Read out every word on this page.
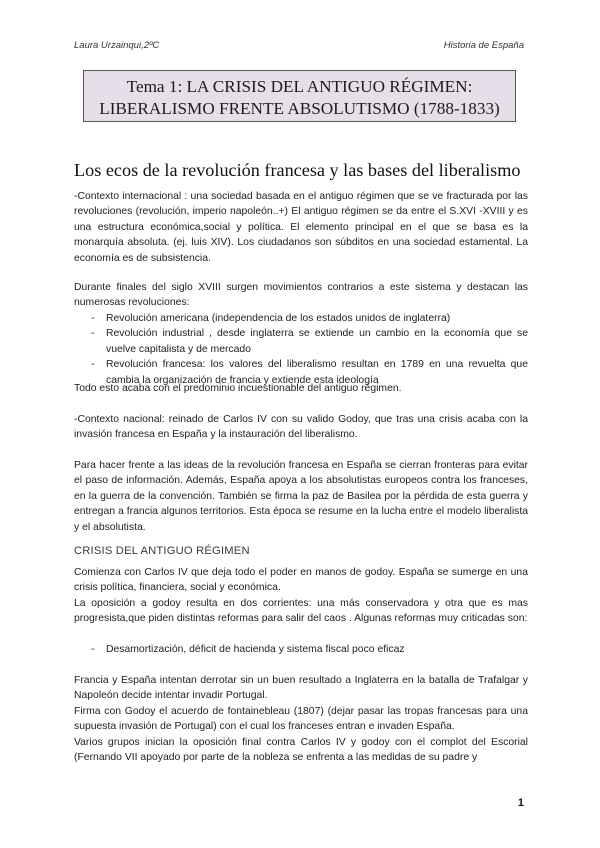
Laura Urzainqui,2ºC	Historia de España
Tema 1: LA CRISIS DEL ANTIGUO RÉGIMEN:
LIBERALISMO FRENTE ABSOLUTISMO (1788-1833)
Los ecos de la revolución francesa y las bases del liberalismo

-Contexto internacional : una sociedad basada en el antiguo régimen que se ve fracturada por las revoluciones (revolución, imperio napoleón..+) El antiguo régimen se da entre el S.XVI -XVIII y es una estructura económica,social y política. El elemento principal en el que se basa es la monarquía absoluta. (ej. luis XIV). Los ciudadanos son súbditos en una sociedad estamental. La economía es de subsistencia.

Durante finales del siglo XVIII surgen movimientos contrarios a este sistema y destacan las numerosas revoluciones:

- Revolución americana (independencia de los estados unidos de inglaterra)
- Revolución industrial , desde inglaterra se extiende un cambio en la economía que se vuelve capitalista y de mercado
- Revolución francesa: los valores del liberalismo resultan en 1789 en una revuelta que cambia la organización de francia y extiende esta ideología

Todo esto acaba con el predominio incuestionable del antiguo régimen.

-Contexto nacional: reinado de Carlos IV con su valido Godoy, que tras una crisis acaba con la invasión francesa en España y la instauración del liberalismo.

Para hacer frente a las ideas de la revolución francesa en España se cierran fronteras para evitar el paso de información. Además, España apoya a los absolutistas europeos contra los franceses, en la guerra de la convención. También se firma la paz de Basilea por la pérdida de esta guerra y entregan a francia algunos territorios. Esta época se resume en la lucha entre el modelo liberalista y el absolutista.

CRISIS DEL ANTIGUO RÉGIMEN

Comienza con Carlos IV que deja todo el poder en manos de godoy. España se sumerge en una crisis política, financiera, social y económica.

La oposición a godoy resulta en dos corrientes: una más conservadora y otra que es mas progresista,que piden distintas reformas para salir del caos . Algunas reformas muy criticadas son:

- Desamortización, déficit de hacienda y sistema fiscal poco eficaz

Francia y España intentan derrotar sin un buen resultado a Inglaterra en la batalla de Trafalgar y Napoleón decide intentar invadir Portugal.

Firma con Godoy el acuerdo de fontainebleau (1807) (dejar pasar las tropas francesas para una supuesta invasión de Portugal) con el cual los franceses entran e invaden España.

Varios grupos inician la oposición final contra Carlos IV y godoy con el complot del Escorial (Fernando VII apoyado por parte de la nobleza se enfrenta a las medidas de su padre y

1
